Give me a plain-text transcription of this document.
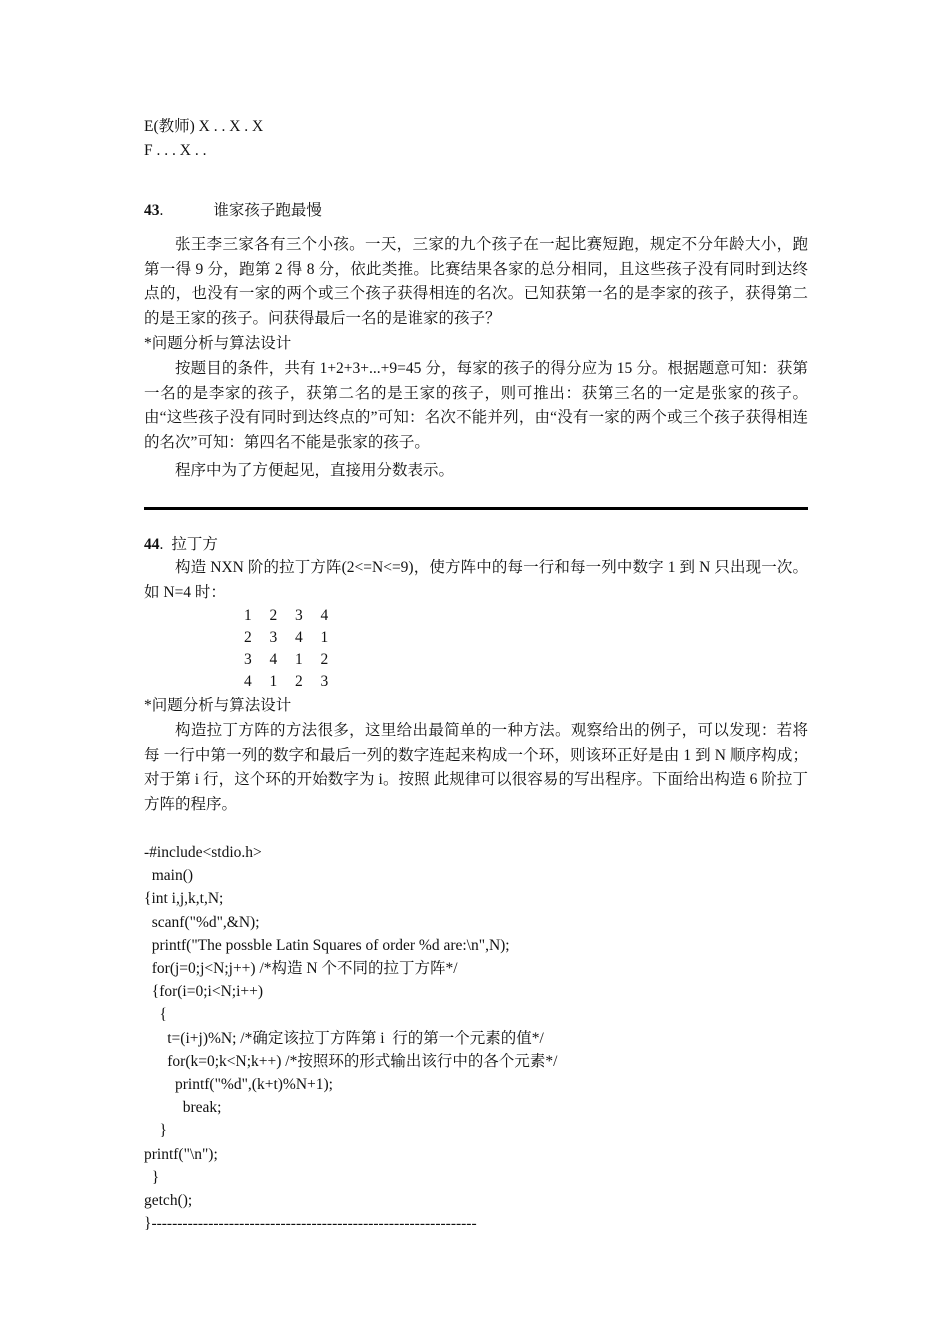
E(教师) X . . X . X
F . . . X . .
43.	谁家孩子跑最慢
张王李三家各有三个小孩。一天，三家的九个孩子在一起比赛短跑，规定不分年龄大小，跑第一得 9 分，跑第 2 得 8 分，依此类推。比赛结果各家的总分相同，且这些孩子没有同时到达终点的，也没有一家的两个或三个孩子获得相连的名次。已知获第一名的是李家的孩子，获得第二的是王家的孩子。问获得最后一名的是谁家的孩子？
*问题分析与算法设计
按题目的条件，共有 1+2+3+...+9=45 分，每家的孩子的得分应为 15 分。根据题意可知：获第一名的是李家的孩子，获第二名的是王家的孩子，则可推出：获第三名的一定是张家的孩子。由“这些孩子没有同时到达终点的”可知：名次不能并列，由“没有一家的两个或三个孩子获得相连的名次”可知：第四名不能是张家的孩子。
程序中为了方便起见，直接用分数表示。
44. 拉丁方
构造 NXN 阶的拉丁方阵(2<=N<=9)，使方阵中的每一行和每一列中数字 1 到 N 只出现一次。如 N=4 时：
1	2	3	4
2	3	4	1
3	4	1	2
4	1	2	3
*问题分析与算法设计
构造拉丁方阵的方法很多，这里给出最简单的一种方法。观察给出的例子，可以发现：若将每 一行中第一列的数字和最后一列的数字连起来构成一个环，则该环正好是由 1 到 N 顺序构成；对于第 i 行，这个环的开始数字为 i。按照 此规律可以很容易的写出程序。下面给出构造 6 阶拉丁方阵的程序。
-#include<stdio.h>
main()
{int i,j,k,t,N;
scanf("%d",&N);
printf("The possble Latin Squares of order %d are:\n",N);
for(j=0;j<N;j++) /*构造 N 个不同的拉丁方阵*/
{for(i=0;i<N;i++)
{
t=(i+j)%N; /*确定该拉丁方阵第 i  行的第一个元素的值*/
for(k=0;k<N;k++) /*按照环的形式输出该行中的各个元素*/
printf("%d",(k+t)%N+1);
break;
}
printf("\n");
}
getch();
}---------------------------------------------------------------
